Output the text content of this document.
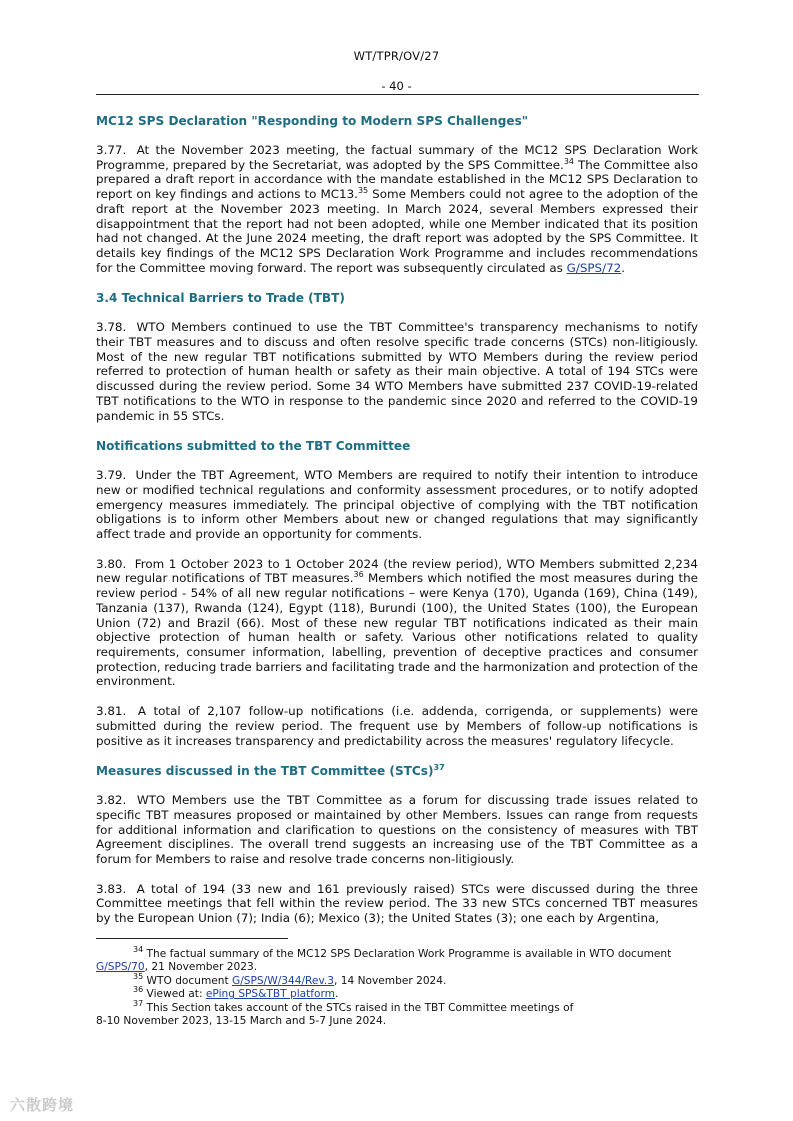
WT/TPR/OV/27
- 40 -
MC12 SPS Declaration "Responding to Modern SPS Challenges"
3.77. At the November 2023 meeting, the factual summary of the MC12 SPS Declaration Work Programme, prepared by the Secretariat, was adopted by the SPS Committee.$^{34}$ The Committee also prepared a draft report in accordance with the mandate established in the MC12 SPS Declaration to report on key findings and actions to MC13.35 Some Members could not agree to the adoption of the draft report at the November 2023 meeting. In March 2024, several Members expressed their disappointment that the report had not been adopted, while one Member indicated that its position had not changed. At the June 2024 meeting, the draft report was adopted by the SPS Committee. It details key findings of the MC12 SPS Declaration Work Programme and includes recommendations for the Committee moving forward. The report was subsequently circulated as G/SPS/72.
3.4 Technical Barriers to Trade (TBT)
3.78. WTO Members continued to use the TBT Committee's transparency mechanisms to notify their TBT measures and to discuss and often resolve specific trade concerns (STCs) non-litigiously. Most of the new regular TBT notifications submitted by WTO Members during the review period referred to protection of human health or safety as their main objective. A total of 194 STCs were discussed during the review period. Some 34 WTO Members have submitted 237 COVID-19-related TBT notifications to the WTO in response to the pandemic since 2020 and referred to the COVID-19 pandemic in 55 STCs.
Notifications submitted to the TBT Committee
3.79. Under the TBT Agreement, WTO Members are required to notify their intention to introduce new or modified technical regulations and conformity assessment procedures, or to notify adopted emergency measures immediately. The principal objective of complying with the TBT notification obligations is to inform other Members about new or changed regulations that may significantly affect trade and provide an opportunity for comments.
3.80. From 1 October 2023 to 1 October 2024 (the review period), WTO Members submitted 2,234 new regular notifications of TBT measures.$^{36}$ Members which notified the most measures during the review period - 54% of all new regular notifications – were Kenya (170), Uganda (169), China (149), Tanzania (137), Rwanda (124), Egypt (118), Burundi (100), the United States (100), the European Union (72) and Brazil (66). Most of these new regular TBT notifications indicated as their main objective protection of human health or safety. Various other notifications related to quality requirements, consumer information, labelling, prevention of deceptive practices and consumer protection, reducing trade barriers and facilitating trade and the harmonization and protection of the environment.
3.81. A total of 2,107 follow-up notifications (i.e. addenda, corrigenda, or supplements) were submitted during the review period. The frequent use by Members of follow-up notifications is positive as it increases transparency and predictability across the measures' regulatory lifecycle.
Measures discussed in the TBT Committee (STCs)$^{37}$
3.82. WTO Members use the TBT Committee as a forum for discussing trade issues related to specific TBT measures proposed or maintained by other Members. Issues can range from requests for additional information and clarification to questions on the consistency of measures with TBT Agreement disciplines. The overall trend suggests an increasing use of the TBT Committee as a forum for Members to raise and resolve trade concerns non-litigiously.
3.83. A total of 194 (33 new and 161 previously raised) STCs were discussed during the three Committee meetings that fell within the review period. The 33 new STCs concerned TBT measures by the European Union (7); India (6); Mexico (3); the United States (3); one each by Argentina,

$^{34}$ The factual summary of the MC12 SPS Declaration Work Programme is available in WTO document
G/SPS/70, 21 November 2023.

$^{35}$ WTO document G/SPS/W/344/Rev.3, 14 November 2024.

$^{36}$ Viewed at: ePing SPS&TBT platform.

$^{37}$ This Section takes account of the STCs raised in the TBT Committee meetings of
8-10 November 2023, 13-15 March and 5-7 June 2024.

六散跨境
